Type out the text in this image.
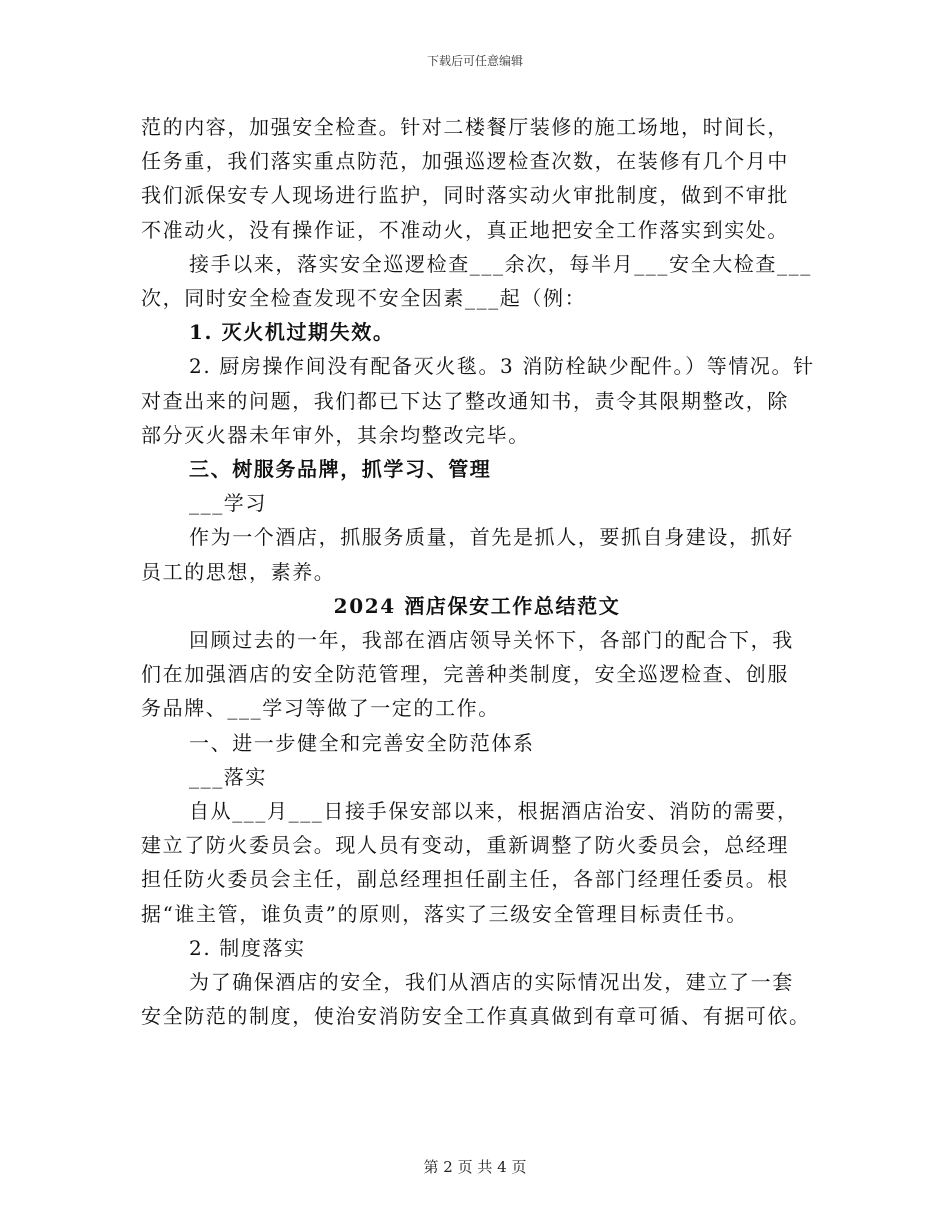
下载后可任意编辑

范的内容，加强安全检查。针对二楼餐厅装修的施工场地，时间长，

任务重，我们落实重点防范，加强巡逻检查次数，在装修有几个月中

我们派保安专人现场进行监护，同时落实动火审批制度，做到不审批

不准动火，没有操作证，不准动火，真正地把安全工作落实到实处。

接手以来，落实安全巡逻检查___余次，每半月___安全大检查___

次，同时安全检查发现不安全因素___起（例：

1. 灭火机过期失效。

2. 厨房操作间没有配备灭火毯。3 消防栓缺少配件。）等情况。针

对查出来的问题，我们都已下达了整改通知书，责令其限期整改，除

部分灭火器未年审外，其余均整改完毕。

三、树服务品牌，抓学习、管理

___学习

作为一个酒店，抓服务质量，首先是抓人，要抓自身建设，抓好

员工的思想，素养。

2024 酒店保安工作总结范文

回顾过去的一年，我部在酒店领导关怀下，各部门的配合下，我

们在加强酒店的安全防范管理，完善种类制度，安全巡逻检查、创服

务品牌、___学习等做了一定的工作。

一、进一步健全和完善安全防范体系

___落实

自从___月___日接手保安部以来，根据酒店治安、消防的需要，

建立了防火委员会。现人员有变动，重新调整了防火委员会，总经理

担任防火委员会主任，副总经理担任副主任，各部门经理任委员。根

据“谁主管，谁负责”的原则，落实了三级安全管理目标责任书。

2. 制度落实

为了确保酒店的安全，我们从酒店的实际情况出发，建立了一套

安全防范的制度，使治安消防安全工作真真做到有章可循、有据可依。

第 2 页 共 4 页
